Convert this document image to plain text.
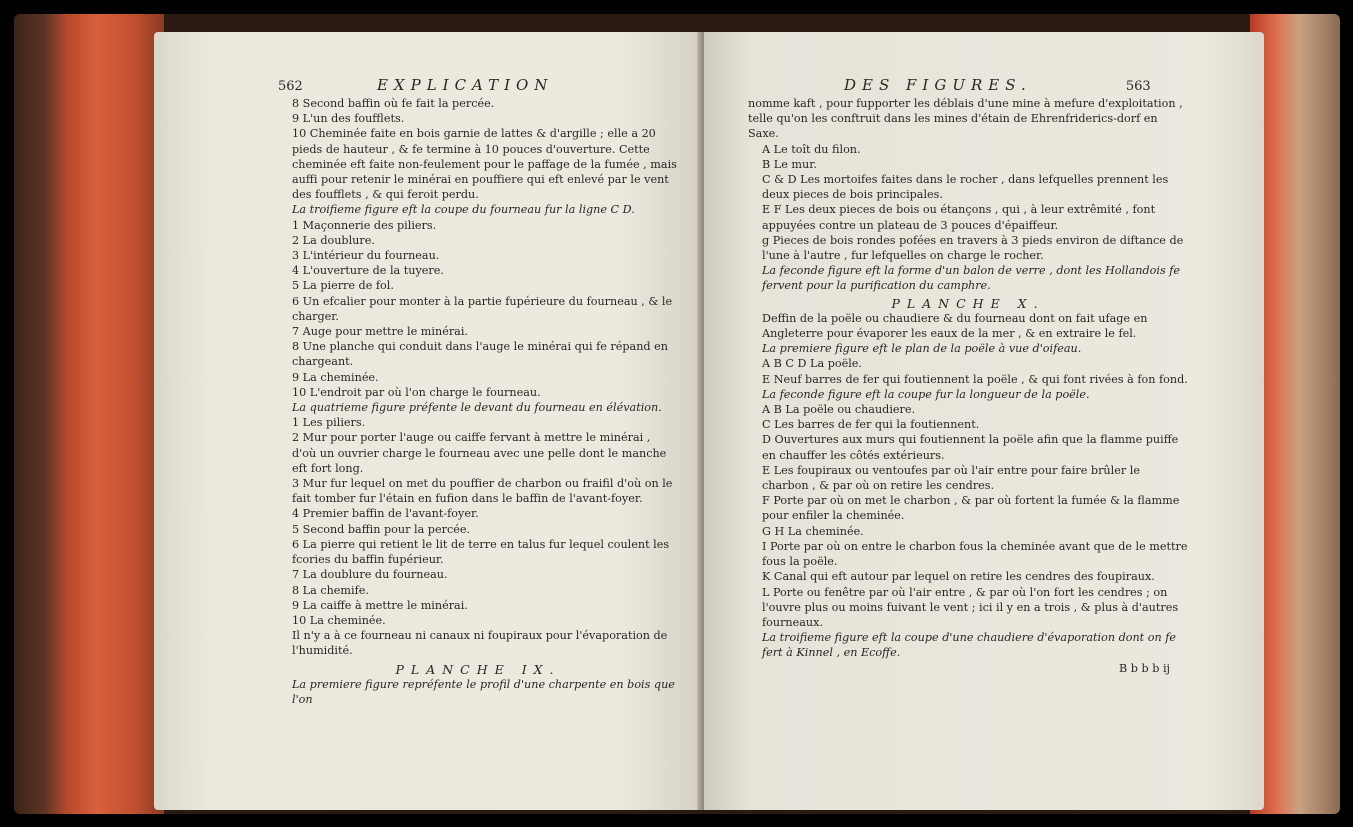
562	EXPLICATION

8 Second baffin où fe fait la percée.

9 L'un des foufflets.

10 Cheminée faite en bois garnie de lattes & d'argille ; elle a 20 pieds de hauteur , & fe termine à 10 pouces d'ouverture. Cette cheminée eft faite non-feulement pour le paffage de la fumée , mais auffi pour retenir le minérai en pouffiere qui eft enlevé par le vent des foufflets , & qui feroit perdu.

La troifieme figure eft la coupe du fourneau fur la ligne C D.

1 Maçonnerie des piliers.

2 La doublure.

3 L'intérieur du fourneau.

4 L'ouverture de la tuyere.

5 La pierre de fol.

6 Un efcalier pour monter à la partie fupérieure du fourneau , & le charger.

7 Auge pour mettre le minérai.

8 Une planche qui conduit dans l'auge le minérai qui fe répand en chargeant.

9 La cheminée.

10 L'endroit par où l'on charge le fourneau.

La quatrieme figure préfente le devant du fourneau en élévation.

1 Les piliers.

2 Mur pour porter l'auge ou caiffe fervant à mettre le minérai , d'où un ouvrier charge le fourneau avec une pelle dont le manche eft fort long.

3 Mur fur lequel on met du pouffier de charbon ou fraifil d'où on le fait tomber fur l'étain en fufion dans le baffin de l'avant-foyer.

4 Premier baffin de l'avant-foyer.

5 Second baffin pour la percée.

6 La pierre qui retient le lit de terre en talus fur lequel coulent les fcories du baffin fupérieur.

7 La doublure du fourneau.

8 La chemife.

9 La caiffe à mettre le minérai.

10 La cheminée.

Il n'y a à ce fourneau ni canaux ni foupiraux pour l'évaporation de l'humidité.

PLANCHE IX.

La premiere figure repréfente le profil d'une charpente en bois que l'on

DES FIGURES.	563

nomme kaft , pour fupporter les déblais d'une mine à mefure d'exploitation , telle qu'on les conftruit dans les mines d'étain de Ehrenfriderics-dorf en Saxe.

A Le toît du filon.

B Le mur.

C & D Les mortoifes faites dans le rocher , dans lefquelles prennent les deux pieces de bois principales.

E F Les deux pieces de bois ou étançons , qui , à leur extrêmité , font appuyées contre un plateau de 3 pouces d'épaiffeur.

g Pieces de bois rondes pofées en travers à 3 pieds environ de diftance de l'une à l'autre , fur lefquelles on charge le rocher.

La feconde figure eft la forme d'un balon de verre , dont les Hollandois fe fervent pour la purification du camphre.

PLANCHE X.

Deffin de la poële ou chaudiere & du fourneau dont on fait ufage en Angleterre pour évaporer les eaux de la mer , & en extraire le fel.

La premiere figure eft le plan de la poële à vue d'oifeau.

A B C D La poële.

E Neuf barres de fer qui foutiennent la poële , & qui font rivées à fon fond.

La feconde figure eft la coupe fur la longueur de la poële.

A B La poële ou chaudiere.

C Les barres de fer qui la foutiennent.

D Ouvertures aux murs qui foutiennent la poële afin que la flamme puiffe en chauffer les côtés extérieurs.

E Les foupiraux ou ventoufes par où l'air entre pour faire brûler le charbon , & par où on retire les cendres.

F Porte par où on met le charbon , & par où fortent la fumée & la flamme pour enfiler la cheminée.

G H La cheminée.

I Porte par où on entre le charbon fous la cheminée avant que de le mettre fous la poële.

K Canal qui eft autour par lequel on retire les cendres des foupiraux.

L Porte ou fenêtre par où l'air entre , & par où l'on fort les cendres ; on l'ouvre plus ou moins fuivant le vent ; ici il y en a trois , & plus à d'autres fourneaux.

La troifieme figure eft la coupe d'une chaudiere d'évaporation dont on fe fert à Kinnel , en Ecoffe.

B b b b ij
